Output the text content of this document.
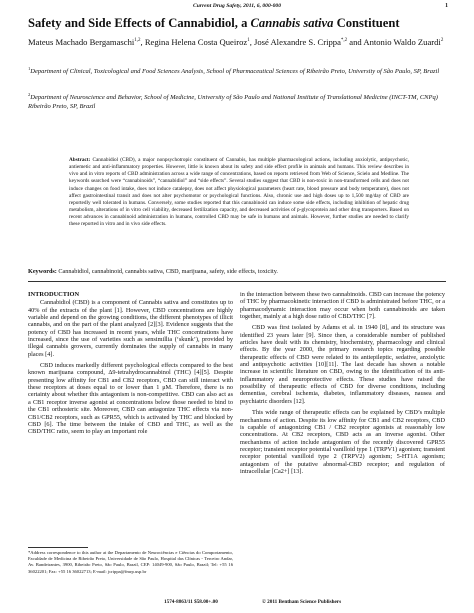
Current Drug Safety, 2011, 6, 000-000	1
Safety and Side Effects of Cannabidiol, a Cannabis sativa Constituent
Mateus Machado Bergamaschi$^{1,2}$, Regina Helena Costa Queiroz$^1$, José Alexandre S. Crippa$^{*,2}$ and Antonio Waldo Zuardi$^2$
$^1$Department of Clinical, Toxicological and Food Sciences Analysis, School of Pharmaceutical Sciences of Ribeirão Preto, University of São Paulo, SP, Brazil
$^2$Department of Neuroscience and Behavior, School of Medicine, University of São Paulo and National Institute of Translational Medicine (INCT-TM, CNPq) Ribeirão Preto, SP, Brazil
Abstract: Cannabidiol (CBD), a major nonpsychotropic constituent of Cannabis, has multiple pharmacological actions, including anxiolytic, antipsychotic, antiemetic and anti-inflammatory properties. However, little is known about its safety and side effect profile in animals and humans. This review describes in vivo and in vitro reports of CBD administration across a wide range of concentrations, based on reports retrieved from Web of Science, Scielo and Medline. The keywords searched were “cannabinoids”, “cannabidiol” and “side effects”. Several studies suggest that CBD is non-toxic in non-transformed cells and does not induce changes on food intake, does not induce catalepsy, does not affect physiological parameters (heart rate, blood pressure and body temperature), does not affect gastrointestinal transit and does not alter psychomotor or psychological functions. Also, chronic use and high doses up to 1,500 mg/day of CBD are reportedly well tolerated in humans. Conversely, some studies reported that this cannabinoid can induce some side effects, including inhibition of hepatic drug metabolism, alterations of in vitro cell viability, decreased fertilization capacity, and decreased activities of p-glycoprotein and other drug transporters. Based on recent advances in cannabinoid administration in humans, controlled CBD may be safe in humans and animals. However, further studies are needed to clarify these reported in vitro and in vivo side effects.
Keywords: Cannabidiol, cannabinoid, cannabis sativa, CBD, marijuana, safety, side effects, toxicity.

INTRODUCTION

Cannabidiol (CBD) is a component of Cannabis sativa and constitutes up to 40% of the extracts of the plant [1]. However, CBD concentrations are highly variable and depend on the growing conditions, the different phenotypes of illicit cannabis, and on the part of the plant analyzed [2][3]. Evidence suggests that the potency of CBD has increased in recent years, while THC concentrations have increased, since the use of varieties such as sensimillia (‘skunk’), provided by illegal cannabis growers, currently dominates the supply of cannabis in many places [4].

CBD induces markedly different psychological effects compared to the best known marijuana compound, Δ9-tetrahydrocannabinol (THC) [4][5]. Despite presenting low affinity for CB1 and CB2 receptors, CBD can still interact with these receptors at doses equal to or lower than 1 μM. Therefore, there is no certainty about whether this antagonism is non-competitive. CBD can also act as a CB1 receptor inverse agonist at concentrations below those needed to bind to the CB1 orthosteric site. Moreover, CBD can antagonize THC effects via non-CB1/CB2 receptors, such as GPR55, which is activated by THC and blocked by CBD [6]. The time between the intake of CBD and THC, as well as the CBD/THC ratio, seem to play an important role

in the interaction between these two cannabinoids. CBD can increase the potency of THC by pharmacokinetic interaction if CBD is administrated before THC, or a pharmacodynamic interaction may occur when both cannabinoids are taken together, mainly at a high dose ratio of CBD/THC [7].

CBD was first isolated by Adams et al. in 1940 [8], and its structure was identified 23 years later [9]. Since then, a considerable number of published articles have dealt with its chemistry, biochemistry, pharmacology and clinical effects. By the year 2000, the primary research topics regarding possible therapeutic effects of CBD were related to its antiepileptic, sedative, anxiolytic and antipsychotic activities [10][11]. The last decade has shown a notable increase in scientific literature on CBD, owing to the identification of its anti-inflammatory and neuroprotective effects. These studies have raised the possibility of therapeutic effects of CBD for diverse conditions, including dementias, cerebral ischemia, diabetes, inflammatory diseases, nausea and psychiatric disorders [12].

This wide range of therapeutic effects can be explained by CBD’s multiple mechanisms of action. Despite its low affinity for CB1 and CB2 receptors, CBD is capable of antagonizing CB1 / CB2 receptor agonists at reasonably low concentrations. At CB2 receptors, CBD acts as an inverse agonist. Other mechanisms of action include antagonism of the recently discovered GPR55 receptor; transient receptor potential vanilloid type 1 (TRPV1) agonism; transient receptor potential vanilloid type 2 (TRPV2) agonism; 5-HT1A agonism; antagonism of the putative abnormal-CBD receptor; and regulation of intracellular [Ca2+] [13].

*Address correspondence to this author at the Departamento de Neurociências e Ciências do Comportamento, Faculdade de Medicina de Ribeirão Preto, Universidade de São Paulo, Hospital das Clínicas - Terceiro Andar, Av. Bandeirantes, 3900, Ribeirão Preto, São Paulo, Brazil, CEP: 14049-900, São Paulo, Brazil; Tel: +55 16 36022201; Fax: +55 16 36022713; E-mail: jcrippa@fmrp.usp.br
1574-8863/11 $58.00+.00	© 2011 Bentham Science Publishers
